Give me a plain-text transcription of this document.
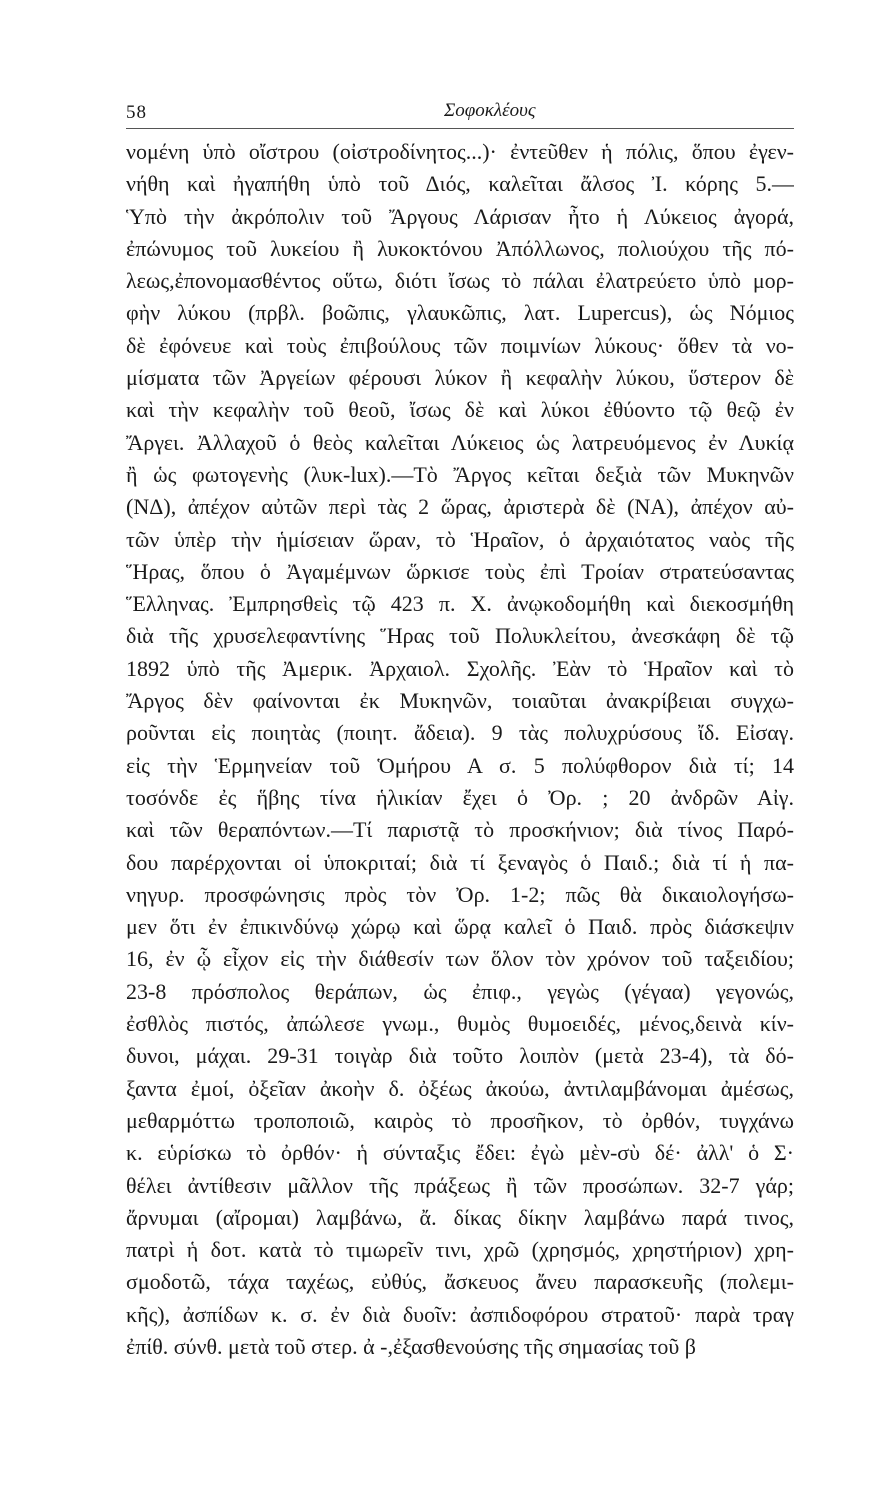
58	Σοφοκλέους
νομένη ὑπὸ οἴστρου (οἰστροδίνητος...)· ἐντεῦθεν ἡ πόλις, ὅπου ἐγεν-
νήθη καὶ ἠγαπήθη ὑπὸ τοῦ Διός, καλεῖται ἄλσος Ἰ. κόρης 5.—
Ὑπὸ τὴν ἀκρόπολιν τοῦ Ἄργους Λάρισαν ἦτο ἡ Λύκειος ἀγορά,
ἐπώνυμος τοῦ λυκείου ἢ λυκοκτόνου Ἀπόλλωνος, πολιούχου τῆς πό-
λεως,ἐπονομασθέντος οὕτω, διότι ἴσως τὸ πάλαι ἐλατρεύετο ὑπὸ μορ-
φὴν λύκου (πρβλ. βοῶπις, γλαυκῶπις, λατ. Lupercus), ὡς Νόμιος
δὲ ἐφόνευε καὶ τοὺς ἐπιβούλους τῶν ποιμνίων λύκους· ὅθεν τὰ νο-
μίσματα τῶν Ἀργείων φέρουσι λύκον ἢ κεφαλὴν λύκου, ὕστερον δὲ
καὶ τὴν κεφαλὴν τοῦ θεοῦ, ἴσως δὲ καὶ λύκοι ἐθύοντο τῷ θεῷ ἐν
Ἄργει. Ἀλλαχοῦ ὁ θεὸς καλεῖται Λύκειος ὡς λατρευόμενος ἐν Λυκίᾳ
ἢ ὡς φωτογενὴς (λυκ-lux).—Τὸ Ἄργος κεῖται δεξιὰ τῶν Μυκηνῶν
(ΝΔ), ἀπέχον αὐτῶν περὶ τὰς 2 ὥρας, ἀριστερὰ δὲ (ΝΑ), ἀπέχον αὐ-
τῶν ὑπὲρ τὴν ἡμίσειαν ὥραν, τὸ Ἡραῖον, ὁ ἀρχαιότατος ναὸς τῆς
Ἥρας, ὅπου ὁ Ἀγαμέμνων ὥρκισε τοὺς ἐπὶ Τροίαν στρατεύσαντας
Ἕλληνας. Ἐμπρησθεὶς τῷ 423 π. Χ. ἀνῳκοδομήθη καὶ διεκοσμήθη
διὰ τῆς χρυσελεφαντίνης Ἥρας τοῦ Πολυκλείτου, ἀνεσκάφη δὲ τῷ
1892 ὑπὸ τῆς Ἀμερικ. Ἀρχαιολ. Σχολῆς. Ἐὰν τὸ Ἡραῖον καὶ τὸ
Ἄργος δὲν φαίνονται ἐκ Μυκηνῶν, τοιαῦται ἀνακρίβειαι συγχω-
ροῦνται εἰς ποιητὰς (ποιητ. ἄδεια). 9 τὰς πολυχρύσους ἴδ. Εἰσαγ.
εἰς τὴν Ἑρμηνείαν τοῦ Ὁμήρου Α σ. 5 πολύφθορον διὰ τί; 14
τοσόνδε ἐς ἥβης τίνα ἡλικίαν ἔχει ὁ Ὀρ. ; 20 ἀνδρῶν Αἰγ.
καὶ τῶν θεραπόντων.—Τί παριστᾷ τὸ προσκήνιον; διὰ τίνος Παρό-
δου παρέρχονται οἱ ὑποκριταί; διὰ τί ξεναγὸς ὁ Παιδ.; διὰ τί ἡ πα-
νηγυρ. προσφώνησις πρὸς τὸν Ὀρ. 1-2; πῶς θὰ δικαιολογήσω-
μεν ὅτι ἐν ἐπικινδύνῳ χώρῳ καὶ ὥρᾳ καλεῖ ὁ Παιδ. πρὸς διάσκεψιν
16, ἐν ᾧ εἶχον εἰς τὴν διάθεσίν των ὅλον τὸν χρόνον τοῦ ταξειδίου;
23-8 πρόσπολος θεράπων, ὡς ἐπιφ., γεγὼς (γέγαα) γεγονώς,
ἐσθλὸς πιστός, ἀπώλεσε γνωμ., θυμὸς θυμοειδές, μένος,δεινὰ κίν-
δυνοι, μάχαι. 29-31 τοιγὰρ διὰ τοῦτο λοιπὸν (μετὰ 23-4), τὰ δό-
ξαντα ἐμοί, ὀξεῖαν ἀκοὴν δ. ὀξέως ἀκούω, ἀντιλαμβάνομαι ἀμέσως,
μεθαρμόττω τροποποιῶ, καιρὸς τὸ προσῆκον, τὸ ὀρθόν, τυγχάνω
κ. εὑρίσκω τὸ ὀρθόν· ἡ σύνταξις ἔδει: ἐγὼ μὲν-σὺ δέ· ἀλλ' ὁ Σ·
θέλει ἀντίθεσιν μᾶλλον τῆς πράξεως ἢ τῶν προσώπων. 32-7 γάρ;
ἄρνυμαι (αἴρομαι) λαμβάνω, ἄ. δίκας δίκην λαμβάνω παρά τινος,
πατρὶ ἡ δοτ. κατὰ τὸ τιμωρεῖν τινι, χρῶ (χρησμός, χρηστήριον) χρη-
σμοδοτῶ, τάχα ταχέως, εὐθύς, ἄσκευος ἄνευ παρασκευῆς (πολεμι-
κῆς), ἀσπίδων κ. σ. ἐν διὰ δυοῖν: ἀσπιδοφόρου στρατοῦ· παρὰ τραγ
ἐπίθ. σύνθ. μετὰ τοῦ στερ. ἀ -,ἐξασθενούσης τῆς σημασίας τοῦ β
